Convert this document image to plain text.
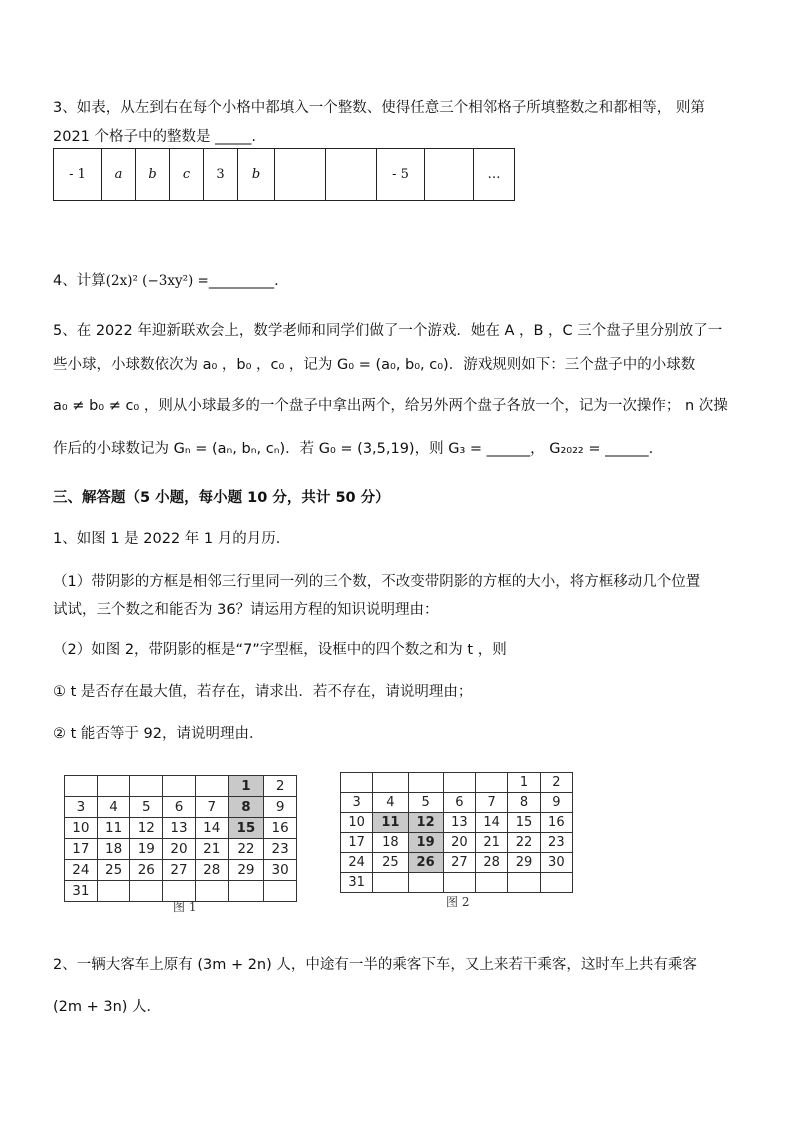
3、如表，从左到右在每个小格中都填入一个整数、使得任意三个相邻格子所填整数之和都相等， 则第
2021 个格子中的整数是 _____.
- 1	a	b	c	3	b			- 5		…
4、计算(2x)² (−3xy²) =_________.
5、在 2022 年迎新联欢会上，数学老师和同学们做了一个游戏．她在 A ，B ，C 三个盘子里分别放了一
些小球，小球数依次为 a₀ ，b₀ ，c₀ ，记为 G₀ = (a₀, b₀, c₀)．游戏规则如下：三个盘子中的小球数
a₀ ≠ b₀ ≠ c₀ ，则从小球最多的一个盘子中拿出两个，给另外两个盘子各放一个，记为一次操作； n 次操
作后的小球数记为 Gₙ = (aₙ, bₙ, cₙ)．若 G₀ = (3,5,19)，则 G₃ = ______， G₂₀₂₂ = ______.
三、解答题（5 小题，每小题 10 分，共计 50 分）
1、如图 1 是 2022 年 1 月的月历．
（1）带阴影的方框是相邻三行里同一列的三个数，不改变带阴影的方框的大小，将方框移动几个位置
试试，三个数之和能否为 36？请运用方程的知识说明理由：
（2）如图 2，带阴影的框是“7”字型框，设框中的四个数之和为 t ，则
① t 是否存在最大值，若存在，请求出．若不存在，请说明理由；
② t 能否等于 92，请说明理由．
					1	2
3	4	5	6	7	8	9
10	11	12	13	14	15	16
17	18	19	20	21	22	23
24	25	26	27	28	29	30
31						
图 1
					1	2
3	4	5	6	7	8	9
10	11	12	13	14	15	16
17	18	19	20	21	22	23
24	25	26	27	28	29	30
31						
图 2
2、一辆大客车上原有 (3m + 2n) 人，中途有一半的乘客下车，又上来若干乘客，这时车上共有乘客
(2m + 3n) 人．
